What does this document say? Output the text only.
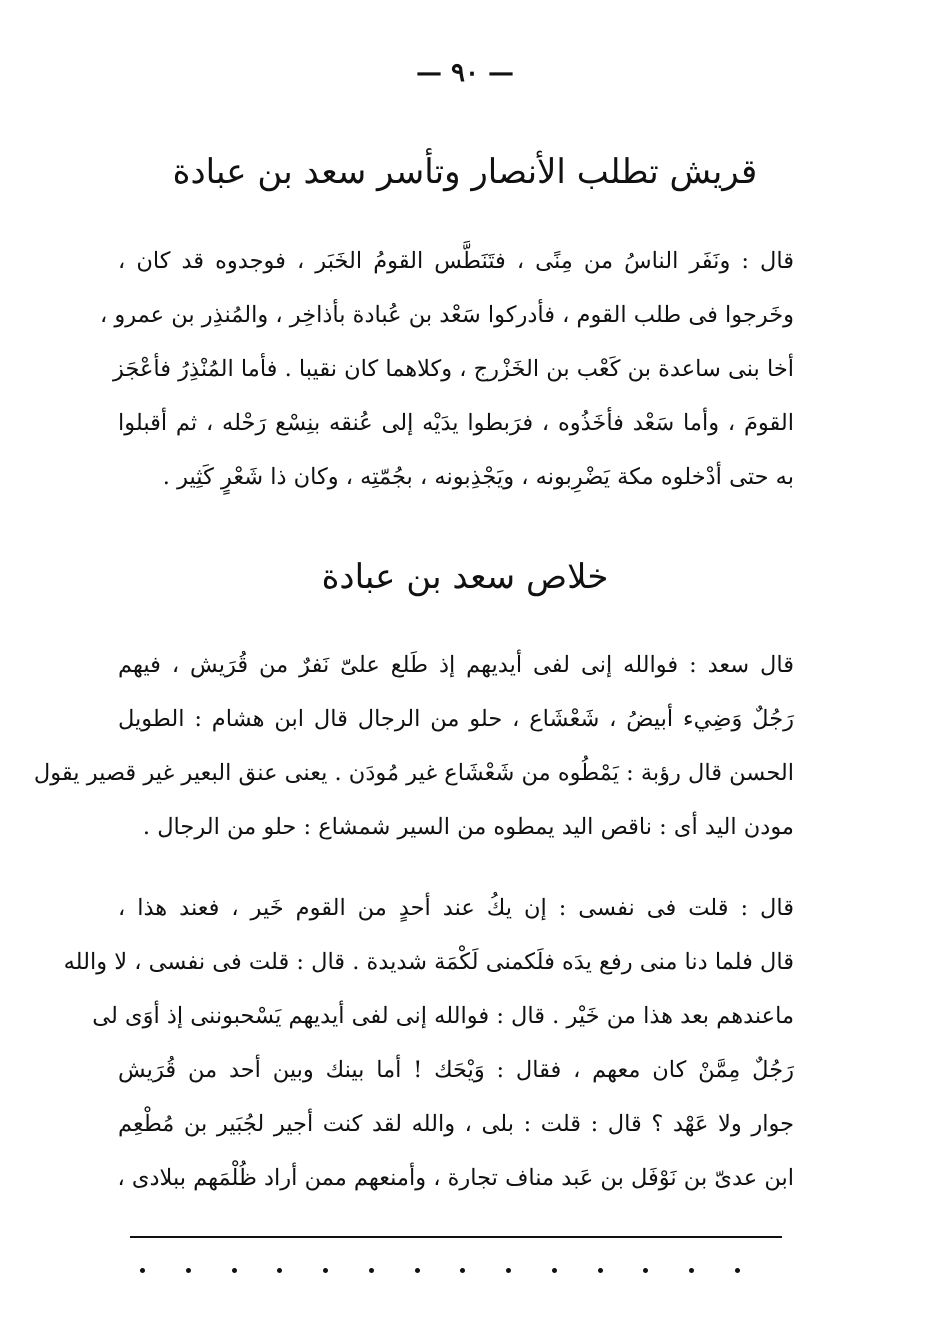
— ٩٠ —
قريش تطلب الأنصار وتأسر سعد بن عبادة
قال : ونَفَر الناسُ من مِنًى ، فتَنَطَّس القومُ الخَبَر ، فوجدوه قد كان ،
وخَرجوا فى طلب القوم ، فأدركوا سَعْد بن عُبادة بأذاخِر ، والمُنذِر بن عمرو ،
أخا بنى ساعدة بن كَعْب بن الخَزْرج ، وكلاهما كان نقيبا . فأما المُنْذِرُ فأعْجَز
القومَ ، وأما سَعْد فأخَذُوه ، فرَبطوا يدَيْه إلى عُنقه بنِسْع رَحْله ، ثم أقبلوا
به حتى أدْخلوه مكة يَضْرِبونه ، ويَجْذِبونه ، بجُمّتِه ، وكان ذا شَعْرٍ كَثِير .
خلاص سعد بن عبادة
قال سعد : فوالله إنى لفى أيديهم إذ طَلع علىّ نَفرٌ من قُرَيش ، فيهم
رَجُلٌ وَضِيء أبيضُ ، شَعْشَاع ، حلو من الرجال قال ابن هشام : الطويل
الحسن قال رؤبة : يَمْطُوه من شَعْشَاع غير مُودَن . يعنى عنق البعير غير قصير يقول
مودن اليد أى : ناقص اليد يمطوه من السير شمشاع : حلو من الرجال .
قال : قلت فى نفسى : إن يكُ عند أحدٍ من القوم خَير ، فعند هذا ،
قال فلما دنا منى رفع يدَه فلَكمنى لَكْمَة شديدة . قال : قلت فى نفسى ، لا والله
ماعندهم بعد هذا من خَيْر . قال : فوالله إنى لفى أيديهم يَسْحبوننى إذ أوَى لى
رَجُلٌ مِمَّنْ كان معهم ، فقال : وَيْحَك ! أما بينك وبين أحد من قُرَيش
جوار ولا عَهْد ؟ قال : قلت : بلى ، والله لقد كنت أجير لجُبَير بن مُطْعِم
ابن عدىّ بن نَوْفَل بن عَبد مناف تجارة ، وأمنعهم ممن أراد ظُلْمَهم ببلادى ،
